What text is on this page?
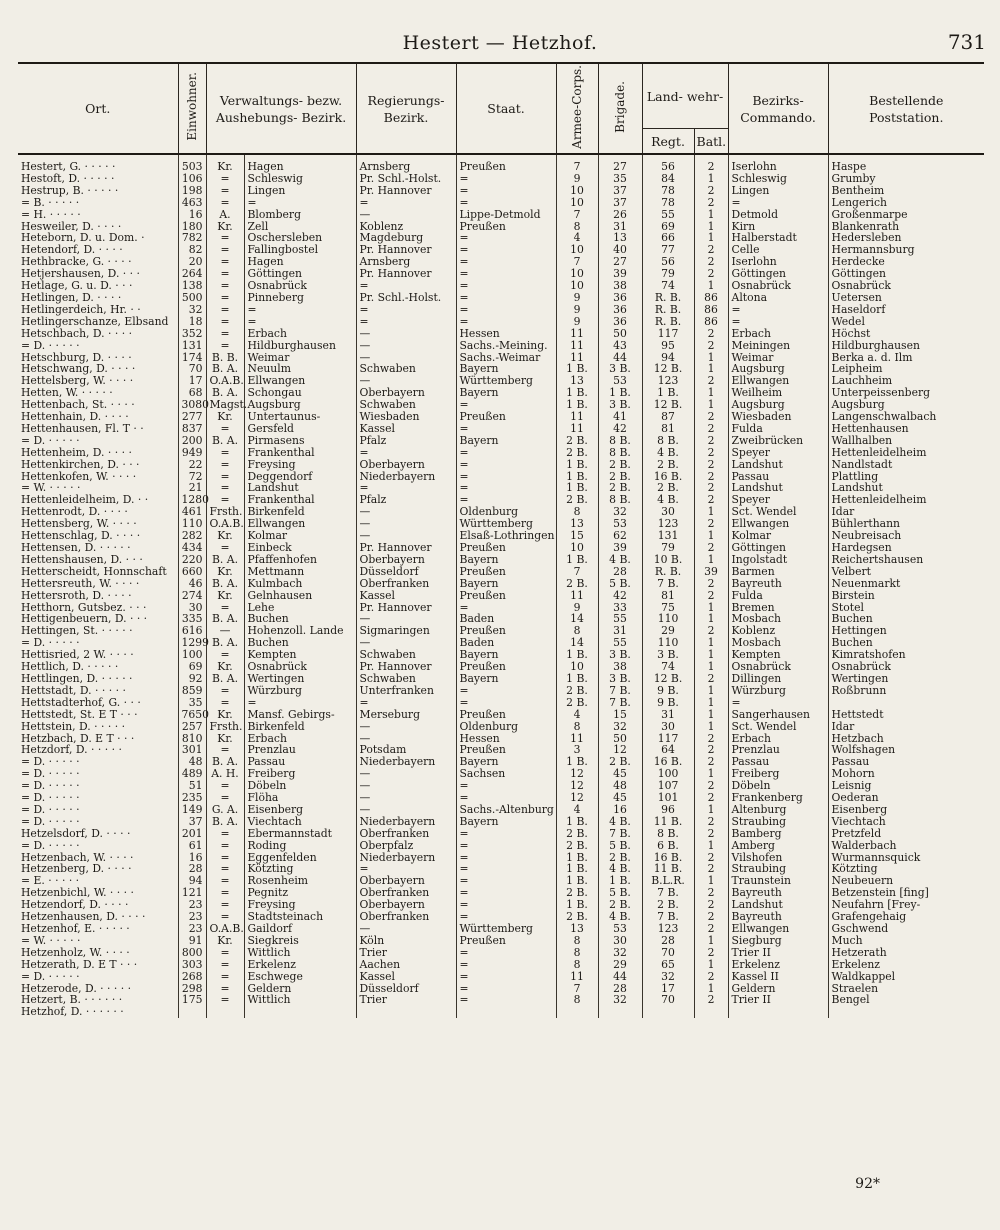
Hestert — Hetzhof.	731
Ort.	Einwohner.	Verwaltungs- bezw. Aushebungs- Bezirk.		Regierungs- Bezirk.	Staat.	Armee-Corps.	Brigade.	Land- wehr-		Bezirks- Commando.	Bestellende Poststation.
								Regt.	Batl.		
Hestert, G. · · · · ·	503	Kr.	Hagen	Arnsberg	Preußen	7	27	56	2	Iserlohn	Haspe
Hestoft, D. · · · · ·	106	=	Schleswig	Pr. Schl.-Holst.	=	9	35	84	1	Schleswig	Grumby
Hestrup, B. · · · · ·	198	=	Lingen	Pr. Hannover	=	10	37	78	2	Lingen	Bentheim
= B. · · · · ·	463	=	=	=	=	10	37	78	2	=	Lengerich
= H. · · · · ·	16	A.	Blomberg	—	Lippe-Detmold	7	26	55	1	Detmold	Großenmarpe
Hesweiler, D. · · · ·	180	Kr.	Zell	Koblenz	Preußen	8	31	69	1	Kirn	Blankenrath
Heteborn, D. u. Dom. ·	782	=	Oschersleben	Magdeburg	=	4	13	66	1	Halberstadt	Hedersleben
Hetendorf, D. · · · ·	82	=	Fallingbostel	Pr. Hannover	=	10	40	77	2	Celle	Hermannsburg
Hethbracke, G. · · · ·	20	=	Hagen	Arnsberg	=	7	27	56	2	Iserlohn	Herdecke
Hetjershausen, D. · · ·	264	=	Göttingen	Pr. Hannover	=	10	39	79	2	Göttingen	Göttingen
Hetlage, G. u. D. · · ·	138	=	Osnabrück	=	=	10	38	74	1	Osnabrück	Osnabrück
Hetlingen, D. · · · ·	500	=	Pinneberg	Pr. Schl.-Holst.	=	9	36	R. B.	86	Altona	Uetersen
Hetlingerdeich, Hr. · ·	32	=	=	=	=	9	36	R. B.	86	=	Haseldorf
Hetlingerschanze, Elbsand	18	=	=	=	=	9	36	R. B.	86	=	Wedel
Hetschbach, D. · · · ·	352	=	Erbach	—	Hessen	11	50	117	2	Erbach	Höchst
= D. · · · · ·	131	=	Hildburghausen	—	Sachs.-Meining.	11	43	95	2	Meiningen	Hildburghausen
Hetschburg, D. · · · ·	174	B. B.	Weimar	—	Sachs.-Weimar	11	44	94	1	Weimar	Berka a. d. Ilm
Hetschwang, D. · · · ·	70	B. A.	Neuulm	Schwaben	Bayern	1 B.	3 B.	12 B.	1	Augsburg	Leipheim
Hettelsberg, W. · · · ·	17	O.A.B.	Ellwangen	—	Württemberg	13	53	123	2	Ellwangen	Lauchheim
Hetten, W. · · · · ·	68	B. A.	Schongau	Oberbayern	Bayern	1 B.	1 B.	1 B.	1	Weilheim	Unterpeissenberg
Hettenbach, St. · · · ·	3080	Magst.	Augsburg	Schwaben	=	1 B.	3 B.	12 B.	1	Augsburg	Augsburg
Hettenhain, D. · · · ·	277	Kr.	Untertaunus-	Wiesbaden	Preußen	11	41	87	2	Wiesbaden	Langenschwalbach
Hettenhausen, Fl. T · ·	837	=	Gersfeld	Kassel	=	11	42	81	2	Fulda	Hettenhausen
= D. · · · · ·	200	B. A.	Pirmasens	Pfalz	Bayern	2 B.	8 B.	8 B.	2	Zweibrücken	Wallhalben
Hettenheim, D. · · · ·	949	=	Frankenthal	=	=	2 B.	8 B.	4 B.	2	Speyer	Hettenleidelheim
Hettenkirchen, D. · · ·	22	=	Freysing	Oberbayern	=	1 B.	2 B.	2 B.	2	Landshut	Nandlstadt
Hettenkofen, W. · · · ·	72	=	Deggendorf	Niederbayern	=	1 B.	2 B.	16 B.	2	Passau	Plattling
= W. · · · · ·	21	=	Landshut	=	=	1 B.	2 B.	2 B.	2	Landshut	Landshut
Hettenleidelheim, D. · ·	1280	=	Frankenthal	Pfalz	=	2 B.	8 B.	4 B.	2	Speyer	Hettenleidelheim
Hettenrodt, D. · · · ·	461	Frsth.	Birkenfeld	—	Oldenburg	8	32	30	1	Sct. Wendel	Idar
Hettensberg, W. · · · ·	110	O.A.B.	Ellwangen	—	Württemberg	13	53	123	2	Ellwangen	Bühlerthann
Hettenschlag, D. · · · ·	282	Kr.	Kolmar	—	Elsaß-Lothringen	15	62	131	1	Kolmar	Neubreisach
Hettensen, D. · · · · ·	434	=	Einbeck	Pr. Hannover	Preußen	10	39	79	2	Göttingen	Hardegsen
Hettenshausen, D. · · ·	220	B. A.	Pfaffenhofen	Oberbayern	Bayern	1 B.	4 B.	10 B.	1	Ingolstadt	Reichertshausen
Hetterscheidt, Honnschaft	660	Kr.	Mettmann	Düsseldorf	Preußen	7	28	R. B.	39	Barmen	Velbert
Hettersreuth, W. · · · ·	46	B. A.	Kulmbach	Oberfranken	Bayern	2 B.	5 B.	7 B.	2	Bayreuth	Neuenmarkt
Hettersroth, D. · · · ·	274	Kr.	Gelnhausen	Kassel	Preußen	11	42	81	2	Fulda	Birstein
Hetthorn, Gutsbez. · · ·	30	=	Lehe	Pr. Hannover	=	9	33	75	1	Bremen	Stotel
Hettigenbeuern, D. · · ·	335	B. A.	Buchen	—	Baden	14	55	110	1	Mosbach	Buchen
Hettingen, St. · · · · ·	616	—	Hohenzoll. Lande	Sigmaringen	Preußen	8	31	29	2	Koblenz	Hettingen
= D. · · · · ·	1299	B. A.	Buchen	—	Baden	14	55	110	1	Mosbach	Buchen
Hettisried, 2 W. · · · ·	100	=	Kempten	Schwaben	Bayern	1 B.	3 B.	3 B.	1	Kempten	Kimratshofen
Hettlich, D. · · · · ·	69	Kr.	Osnabrück	Pr. Hannover	Preußen	10	38	74	1	Osnabrück	Osnabrück
Hettlingen, D. · · · · ·	92	B. A.	Wertingen	Schwaben	Bayern	1 B.	3 B.	12 B.	2	Dillingen	Wertingen
Hettstadt, D. · · · · ·	859	=	Würzburg	Unterfranken	=	2 B.	7 B.	9 B.	1	Würzburg	Roßbrunn
Hettstadterhof, G. · · ·	35	=	=	=	=	2 B.	7 B.	9 B.	1	=	
Hettstedt, St. E T · · ·	7650	Kr.	Mansf. Gebirgs-	Merseburg	Preußen	4	15	31	1	Sangerhausen	Hettstedt
Hettstein, D. · · · · ·	257	Frsth.	Birkenfeld	—	Oldenburg	8	32	30	1	Sct. Wendel	Idar
Hetzbach, D. E T · · ·	810	Kr.	Erbach	—	Hessen	11	50	117	2	Erbach	Hetzbach
Hetzdorf, D. · · · · ·	301	=	Prenzlau	Potsdam	Preußen	3	12	64	2	Prenzlau	Wolfshagen
= D. · · · · ·	48	B. A.	Passau	Niederbayern	Bayern	1 B.	2 B.	16 B.	2	Passau	Passau
= D. · · · · ·	489	A. H.	Freiberg	—	Sachsen	12	45	100	1	Freiberg	Mohorn
= D. · · · · ·	51	=	Döbeln	—	=	12	48	107	2	Döbeln	Leisnig
= D. · · · · ·	235	=	Flöha	—	=	12	45	101	2	Frankenberg	Oederan
= D. · · · · ·	149	G. A.	Eisenberg	—	Sachs.-Altenburg	4	16	96	1	Altenburg	Eisenberg
= D. · · · · ·	37	B. A.	Viechtach	Niederbayern	Bayern	1 B.	4 B.	11 B.	2	Straubing	Viechtach
Hetzelsdorf, D. · · · ·	201	=	Ebermannstadt	Oberfranken	=	2 B.	7 B.	8 B.	2	Bamberg	Pretzfeld
= D. · · · · ·	61	=	Roding	Oberpfalz	=	2 B.	5 B.	6 B.	1	Amberg	Walderbach
Hetzenbach, W. · · · ·	16	=	Eggenfelden	Niederbayern	=	1 B.	2 B.	16 B.	2	Vilshofen	Wurmannsquick
Hetzenberg, D. · · · ·	28	=	Kötzting	=	=	1 B.	4 B.	11 B.	2	Straubing	Kötzting
= E. · · · · ·	94	=	Rosenheim	Oberbayern	=	1 B.	1 B.	B.L.R.	1	Traunstein	Neubeuern
Hetzenbichl, W. · · · ·	121	=	Pegnitz	Oberfranken	=	2 B.	5 B.	7 B.	2	Bayreuth	Betzenstein [fing]
Hetzendorf, D. · · · ·	23	=	Freysing	Oberbayern	=	1 B.	2 B.	2 B.	2	Landshut	Neufahrn [Frey-
Hetzenhausen, D. · · · ·	23	=	Stadtsteinach	Oberfranken	=	2 B.	4 B.	7 B.	2	Bayreuth	Grafengehaig
Hetzenhof, E. · · · · ·	23	O.A.B.	Gaildorf	—	Württemberg	13	53	123	2	Ellwangen	Gschwend
= W. · · · · ·	91	Kr.	Siegkreis	Köln	Preußen	8	30	28	1	Siegburg	Much
Hetzenholz, W. · · · ·	800	=	Wittlich	Trier	=	8	32	70	2	Trier II	Hetzerath
Hetzerath, D. E T · · ·	303	=	Erkelenz	Aachen	=	8	29	65	1	Erkelenz	Erkelenz
= D. · · · · ·	268	=	Eschwege	Kassel	=	11	44	32	2	Kassel II	Waldkappel
Hetzerode, D. · · · · ·	298	=	Geldern	Düsseldorf	=	7	28	17	1	Geldern	Straelen
Hetzert, B. · · · · · ·	175	=	Wittlich	Trier	=	8	32	70	2	Trier II	Bengel
Hetzhof, D. · · · · · ·											
92*
